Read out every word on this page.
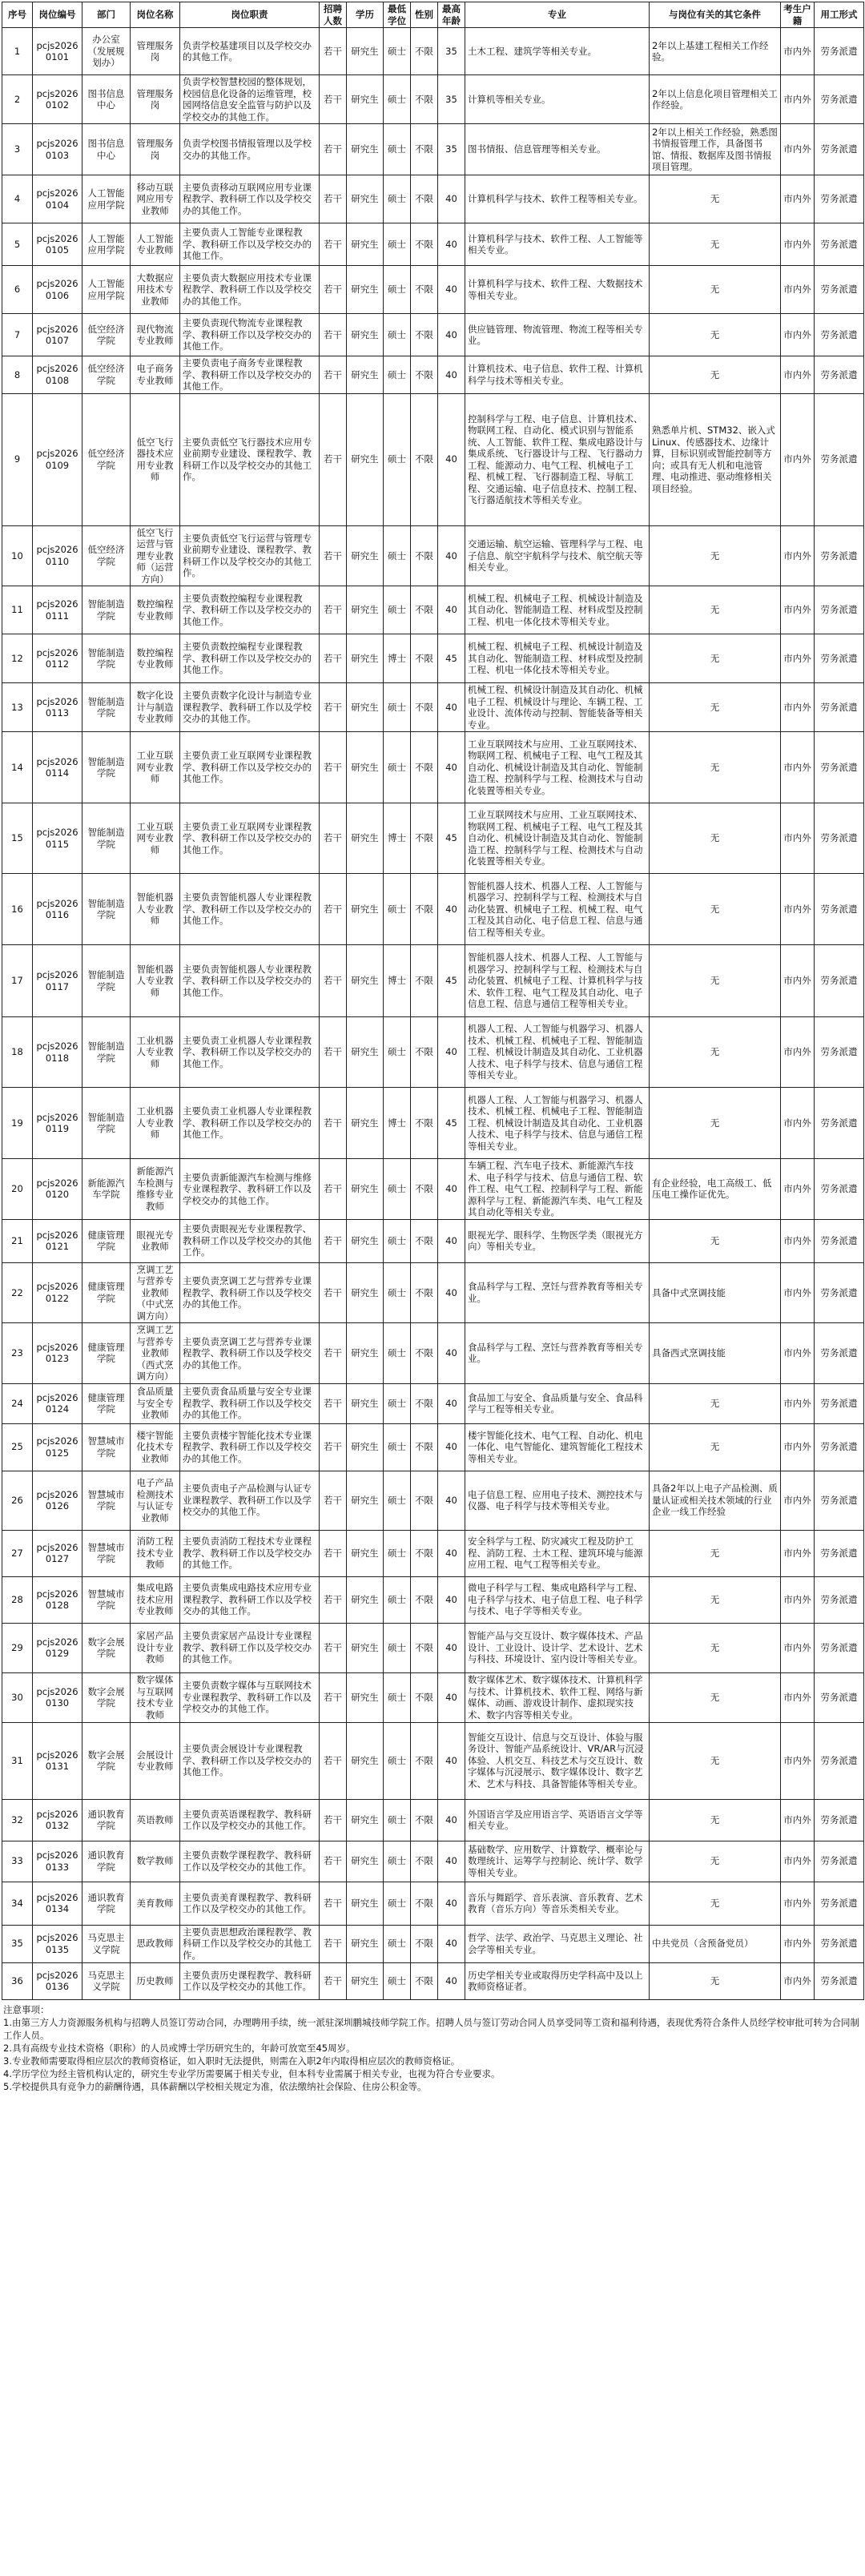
序号	岗位编号	部门	岗位名称	岗位职责	招聘人数	学历	最低学位	性别	最高年龄	专业	与岗位有关的其它条件	考生户籍	用工形式
1	pcjs20260101	办公室（发展规划办）	管理服务岗	负责学校基建项目以及学校交办的其他工作。	若干	研究生	硕士	不限	35	土木工程、建筑学等相关专业。	2年以上基建工程相关工作经验。	市内外	劳务派遣
2	pcjs20260102	图书信息中心	管理服务岗	负责学校智慧校园的整体规划，校园信息化设备的运维管理，校园网络信息安全监管与防护以及学校交办的其他工作。	若干	研究生	硕士	不限	35	计算机等相关专业。	2年以上信息化项目管理相关工作经验。	市内外	劳务派遣
3	pcjs20260103	图书信息中心	管理服务岗	负责学校图书情报管理以及学校交办的其他工作。	若干	研究生	硕士	不限	35	图书情报、信息管理等相关专业。	2年以上相关工作经验，熟悉图书情报管理工作，具备图书馆、情报、数据库及图书情报项目管理。	市内外	劳务派遣
4	pcjs20260104	人工智能应用学院	移动互联网应用专业教师	主要负责移动互联网应用专业课程教学、教科研工作以及学校交办的其他工作。	若干	研究生	硕士	不限	40	计算机科学与技术、软件工程等相关专业。	无	市内外	劳务派遣
5	pcjs20260105	人工智能应用学院	人工智能专业教师	主要负责人工智能专业课程教学、教科研工作以及学校交办的其他工作。	若干	研究生	硕士	不限	40	计算机科学与技术、软件工程、人工智能等相关专业。	无	市内外	劳务派遣
6	pcjs20260106	人工智能应用学院	大数据应用技术专业教师	主要负责大数据应用技术专业课程教学、教科研工作以及学校交办的其他工作。	若干	研究生	硕士	不限	40	计算机科学与技术、软件工程、大数据技术等相关专业。	无	市内外	劳务派遣
7	pcjs20260107	低空经济学院	现代物流专业教师	主要负责现代物流专业课程教学、教科研工作以及学校交办的其他工作。	若干	研究生	硕士	不限	40	供应链管理、物流管理、物流工程等相关专业。	无	市内外	劳务派遣
8	pcjs20260108	低空经济学院	电子商务专业教师	主要负责电子商务专业课程教学、教科研工作以及学校交办的其他工作。	若干	研究生	硕士	不限	40	计算机技术、电子信息、软件工程、计算机科学与技术等相关专业。	无	市内外	劳务派遣
9	pcjs20260109	低空经济学院	低空飞行器技术应用专业教师	主要负责低空飞行器技术应用专业前期专业建设、课程教学、教科研工作以及学校交办的其他工作。	若干	研究生	硕士	不限	40	控制科学与工程、电子信息、计算机技术、物联网工程、自动化、模式识别与智能系统、人工智能、软件工程、集成电路设计与集成系统、飞行器设计与工程、飞行器动力工程、能源动力、电气工程、机械电子工程、机械工程、飞行器制造工程、导航工程、交通运输、电子信息技术、控制工程、飞行器适航技术等相关专业。	熟悉单片机、STM32、嵌入式Linux、传感器技术、边缘计算，目标识别或智能控制等方向；或具有无人机和电池管理、电动推进、驱动维修相关项目经验。	市内外	劳务派遣
10	pcjs20260110	低空经济学院	低空飞行运营与管理专业教师（运营方向）	主要负责低空飞行运营与管理专业前期专业建设、课程教学、教科研工作以及学校交办的其他工作。	若干	研究生	硕士	不限	40	交通运输、航空运输、管理科学与工程、电子信息、航空宇航科学与技术、航空航天等相关专业。	无	市内外	劳务派遣
11	pcjs20260111	智能制造学院	数控编程专业教师	主要负责数控编程专业课程教学、教科研工作以及学校交办的其他工作。	若干	研究生	硕士	不限	40	机械工程、机械电子工程、机械设计制造及其自动化、智能制造工程、材料成型及控制工程、机电一体化技术等相关专业。	无	市内外	劳务派遣
12	pcjs20260112	智能制造学院	数控编程专业教师	主要负责数控编程专业课程教学、教科研工作以及学校交办的其他工作。	若干	研究生	博士	不限	45	机械工程、机械电子工程、机械设计制造及其自动化、智能制造工程、材料成型及控制工程、机电一体化技术等相关专业。	无	市内外	劳务派遣
13	pcjs20260113	智能制造学院	数字化设计与制造专业教师	主要负责数字化设计与制造专业课程教学、教科研工作以及学校交办的其他工作。	若干	研究生	硕士	不限	40	机械工程、机械设计制造及其自动化、机械电子工程、机械设计与理论、车辆工程、工业设计、流体传动与控制、智能装备等相关专业。	无	市内外	劳务派遣
14	pcjs20260114	智能制造学院	工业互联网专业教师	主要负责工业互联网专业课程教学、教科研工作以及学校交办的其他工作。	若干	研究生	硕士	不限	40	工业互联网技术与应用、工业互联网技术、物联网工程、机械电子工程、电气工程及其自动化、机械设计制造及其自动化、智能制造工程、控制科学与工程、检测技术与自动化装置等相关专业。	无	市内外	劳务派遣
15	pcjs20260115	智能制造学院	工业互联网专业教师	主要负责工业互联网专业课程教学、教科研工作以及学校交办的其他工作。	若干	研究生	博士	不限	45	工业互联网技术与应用、工业互联网技术、物联网工程、机械电子工程、电气工程及其自动化、机械设计制造及其自动化、智能制造工程、控制科学与工程、检测技术与自动化装置等相关专业。	无	市内外	劳务派遣
16	pcjs20260116	智能制造学院	智能机器人专业教师	主要负责智能机器人专业课程教学、教科研工作以及学校交办的其他工作。	若干	研究生	硕士	不限	40	智能机器人技术、机器人工程、人工智能与机器学习、控制科学与工程、检测技术与自动化装置、机械电子工程、机械工程、电气工程及其自动化、电子信息工程、信息与通信工程等相关专业。	无	市内外	劳务派遣
17	pcjs20260117	智能制造学院	智能机器人专业教师	主要负责智能机器人专业课程教学、教科研工作以及学校交办的其他工作。	若干	研究生	博士	不限	45	智能机器人技术、机器人工程、人工智能与机器学习、控制科学与工程、检测技术与自动化装置、机械电子工程、计算机科学与技术、软件工程、电气工程及其自动化、电子信息工程、信息与通信工程等相关专业。	无	市内外	劳务派遣
18	pcjs20260118	智能制造学院	工业机器人专业教师	主要负责工业机器人专业课程教学、教科研工作以及学校交办的其他工作。	若干	研究生	硕士	不限	40	机器人工程、人工智能与机器学习、机器人技术、机械工程、机械电子工程、智能制造工程、机械设计制造及其自动化、工业机器人技术、电子科学与技术、信息与通信工程等相关专业。	无	市内外	劳务派遣
19	pcjs20260119	智能制造学院	工业机器人专业教师	主要负责工业机器人专业课程教学、教科研工作以及学校交办的其他工作。	若干	研究生	博士	不限	45	机器人工程、人工智能与机器学习、机器人技术、机械工程、机械电子工程、智能制造工程、机械设计制造及其自动化、工业机器人技术、电子科学与技术、信息与通信工程等相关专业。	无	市内外	劳务派遣
20	pcjs20260120	新能源汽车学院	新能源汽车检测与维修专业教师	主要负责新能源汽车检测与维修专业课程教学、教科研工作以及学校交办的其他工作。	若干	研究生	硕士	不限	40	车辆工程、汽车电子技术、新能源汽车技术、电子科学与技术、信息与通信工程、软件工程、电气工程、控制科学与工程、新能源科学与工程、新能源汽车类、电气工程及其自动化等相关专业。	有企业经验，电工高级工、低压电工操作证优先。	市内外	劳务派遣
21	pcjs20260121	健康管理学院	眼视光专业教师	主要负责眼视光专业课程教学、教科研工作以及学校交办的其他工作。	若干	研究生	硕士	不限	40	眼视光学、眼科学、生物医学类（眼视光方向）等相关专业。	无	市内外	劳务派遣
22	pcjs20260122	健康管理学院	烹调工艺与营养专业教师（中式烹调方向）	主要负责烹调工艺与营养专业课程教学、教科研工作以及学校交办的其他工作。	若干	研究生	硕士	不限	40	食品科学与工程、烹饪与营养教育等相关专业。	具备中式烹调技能	市内外	劳务派遣
23	pcjs20260123	健康管理学院	烹调工艺与营养专业教师（西式烹调方向）	主要负责烹调工艺与营养专业课程教学、教科研工作以及学校交办的其他工作。	若干	研究生	硕士	不限	40	食品科学与工程、烹饪与营养教育等相关专业。	具备西式烹调技能	市内外	劳务派遣
24	pcjs20260124	健康管理学院	食品质量与安全专业教师	主要负责食品质量与安全专业课程教学、教科研工作以及学校交办的其他工作。	若干	研究生	硕士	不限	40	食品加工与安全、食品质量与安全、食品科学与工程等相关专业。	无	市内外	劳务派遣
25	pcjs20260125	智慧城市学院	楼宇智能化技术专业教师	主要负责楼宇智能化技术专业课程教学、教科研工作以及学校交办的其他工作。	若干	研究生	硕士	不限	40	楼宇智能化技术、电气工程、自动化、机电一体化、电气智能化、建筑智能化工程技术等相关专业。	无	市内外	劳务派遣
26	pcjs20260126	智慧城市学院	电子产品检测技术与认证专业教师	主要负责电子产品检测与认证专业课程教学、教科研工作以及学校交办的其他工作。	若干	研究生	硕士	不限	40	电子信息工程、应用电子技术、测控技术与仪器、电子科学与技术等相关专业。	具备2年以上电子产品检测、质量认证或相关技术领域的行业企业一线工作经验	市内外	劳务派遣
27	pcjs20260127	智慧城市学院	消防工程技术专业教师	主要负责消防工程技术专业课程教学、教科研工作以及学校交办的其他工作。	若干	研究生	硕士	不限	40	安全科学与工程、防灾减灾工程及防护工程、消防工程、土木工程、建筑环境与能源应用工程、电气工程等相关专业。	无	市内外	劳务派遣
28	pcjs20260128	智慧城市学院	集成电路技术应用专业教师	主要负责集成电路技术应用专业课程教学、教科研工作以及学校交办的其他工作。	若干	研究生	硕士	不限	40	微电子科学与工程、集成电路科学与工程、电子科学与技术、电子信息工程、电子科学与技术、电子学等相关专业。	无	市内外	劳务派遣
29	pcjs20260129	数字会展学院	家居产品设计专业教师	主要负责家居产品设计专业课程教学、教科研工作以及学校交办的其他工作。	若干	研究生	硕士	不限	40	智能产品与交互设计、数字媒体技术、产品设计、工业设计、设计学、艺术设计、艺术与科技、环境设计、室内设计等相关专业。	无	市内外	劳务派遣
30	pcjs20260130	数字会展学院	数字媒体与互联网技术专业教师	主要负责数字媒体与互联网技术专业课程教学、教科研工作以及学校交办的其他工作。	若干	研究生	硕士	不限	40	数字媒体艺术、数字媒体技术、计算机科学与技术、计算机技术、软件工程、网络与新媒体、动画、游戏设计制作、虚拟现实技术、数字内容等相关专业。	无	市内外	劳务派遣
31	pcjs20260131	数字会展学院	会展设计专业教师	主要负责会展设计专业课程教学、教科研工作以及学校交办的其他工作。	若干	研究生	硕士	不限	40	智能交互设计、信息与交互设计、体验与服务设计、智能产品系统设计、VR/AR与沉浸体验、人机交互、科技艺术与交互设计、数字媒体与沉浸展示、数字媒体设计、数字艺术、艺术与科技、具备智能体等相关专业。	无	市内外	劳务派遣
32	pcjs20260132	通识教育学院	英语教师	主要负责英语课程教学、教科研工作以及学校交办的其他工作。	若干	研究生	硕士	不限	40	外国语言学及应用语言学、英语语言文学等相关专业。	无	市内外	劳务派遣
33	pcjs20260133	通识教育学院	数学教师	主要负责数学课程教学、教科研工作以及学校交办的其他工作。	若干	研究生	硕士	不限	40	基础数学、应用数学、计算数学、概率论与数理统计、运筹学与控制论、统计学、数学等相关专业。	无	市内外	劳务派遣
34	pcjs20260134	通识教育学院	美育教师	主要负责美育课程教学、教科研工作以及学校交办的其他工作。	若干	研究生	硕士	不限	40	音乐与舞蹈学、音乐表演、音乐教育、艺术教育（音乐方向）等音乐类相关专业。	无	市内外	劳务派遣
35	pcjs20260135	马克思主义学院	思政教师	主要负责思想政治课程教学、教科研工作以及学校交办的其他工作。	若干	研究生	硕士	不限	40	哲学、法学、政治学、马克思主义理论、社会学等相关专业。	中共党员（含预备党员）	市内外	劳务派遣
36	pcjs20260136	马克思主义学院	历史教师	主要负责历史课程教学、教科研工作以及学校交办的其他工作。	若干	研究生	硕士	不限	40	历史学相关专业或取得历史学科高中及以上教师资格证者。	无	市内外	劳务派遣
注意事项：
1.由第三方人力资源服务机构与招聘人员签订劳动合同，办理聘用手续，统一派驻深圳鹏城技师学院工作。招聘人员与签订劳动合同人员享受同等工资和福利待遇，表现优秀符合条件人员经学校审批可转为合同制工作人员。
2.具有高级专业技术资格（职称）的人员或博士学历研究生的，年龄可放宽至45周岁。
3.专业教师需要取得相应层次的教师资格证，如入职时无法提供，则需在入职2年内取得相应层次的教师资格证。
4.学历学位为经主管机构认定的，研究生专业学历需要属于相关专业，但本科专业需属于相关专业，也视为符合专业要求。
5.学校提供具有竞争力的薪酬待遇，具体薪酬以学校相关规定为准，依法缴纳社会保险、住房公积金等。
